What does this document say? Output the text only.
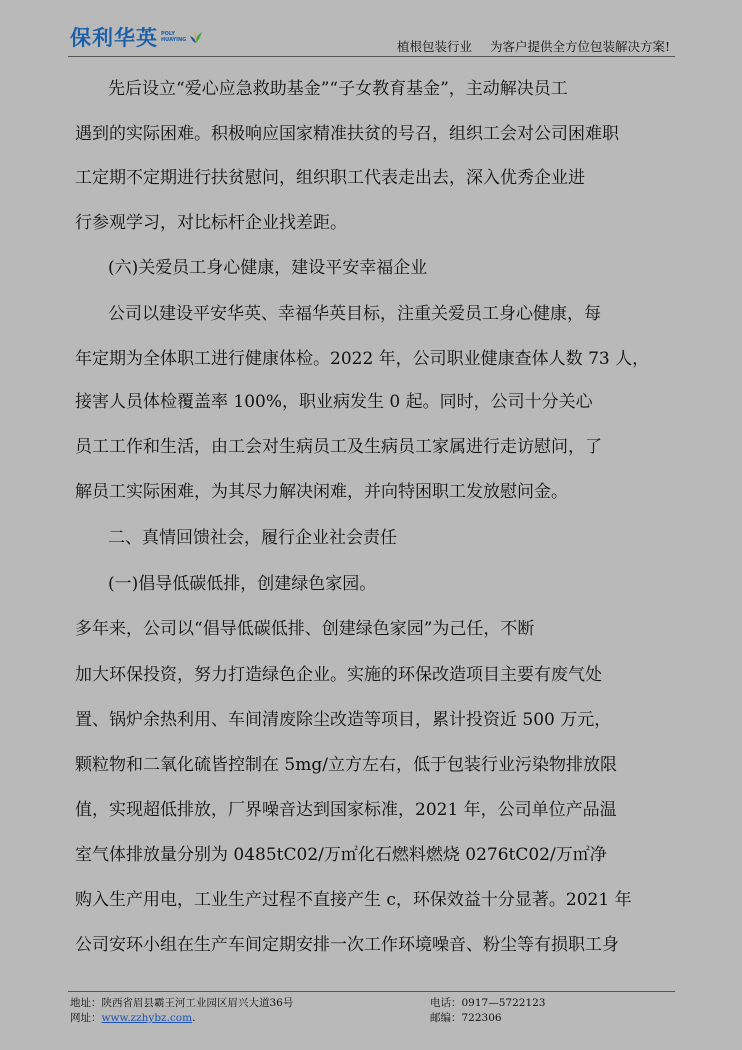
保利华英 POLY
HUAYING	植根包装行业 为客户提供全方位包装解决方案!
先后设立“爱心应急救助基金”“子女教育基金”，主动解决员工
遇到的实际困难。积极响应国家精准扶贫的号召，组织工会对公司困难职
工定期不定期进行扶贫慰问，组织职工代表走出去，深入优秀企业进
行参观学习，对比标杆企业找差距。
(六)关爱员工身心健康，建设平安幸福企业
公司以建设平安华英、幸福华英目标，注重关爱员工身心健康，每
年定期为全体职工进行健康体检。2022 年，公司职业健康查体人数 73 人，
接害人员体检覆盖率 100%，职业病发生 0 起。同时，公司十分关心
员工工作和生活，由工会对生病员工及生病员工家属进行走访慰问，了
解员工实际困难，为其尽力解决闲难，并向特困职工发放慰问金。
二、真情回馈社会，履行企业社会责任
(一)倡导低碳低排，创建绿色家园。
多年来，公司以“倡导低碳低排、创建绿色家园”为己任，不断
加大环保投资，努力打造绿色企业。实施的环保改造项目主要有废气处
置、锅炉余热利用、车间清废除尘改造等项目，累计投资近 500 万元，
颗粒物和二氧化硫皆控制在 5mg/立方左右，低于包装行业污染物排放限
值，实现超低排放，厂界噪音达到国家标准，2021 年，公司单位产品温
室气体排放量分别为 0485tC02/万㎡化石燃料燃烧 0276tC02/万㎡净
购入生产用电，工业生产过程不直接产生 c，环保效益十分显著。2021 年
公司安环小组在生产车间定期安排一次工作环境噪音、粉尘等有损职工身
地址：陕西省眉县霸王河工业园区眉兴大道36号
网址：www.zzhybz.com.
电话：0917—5722123
邮编：722306
